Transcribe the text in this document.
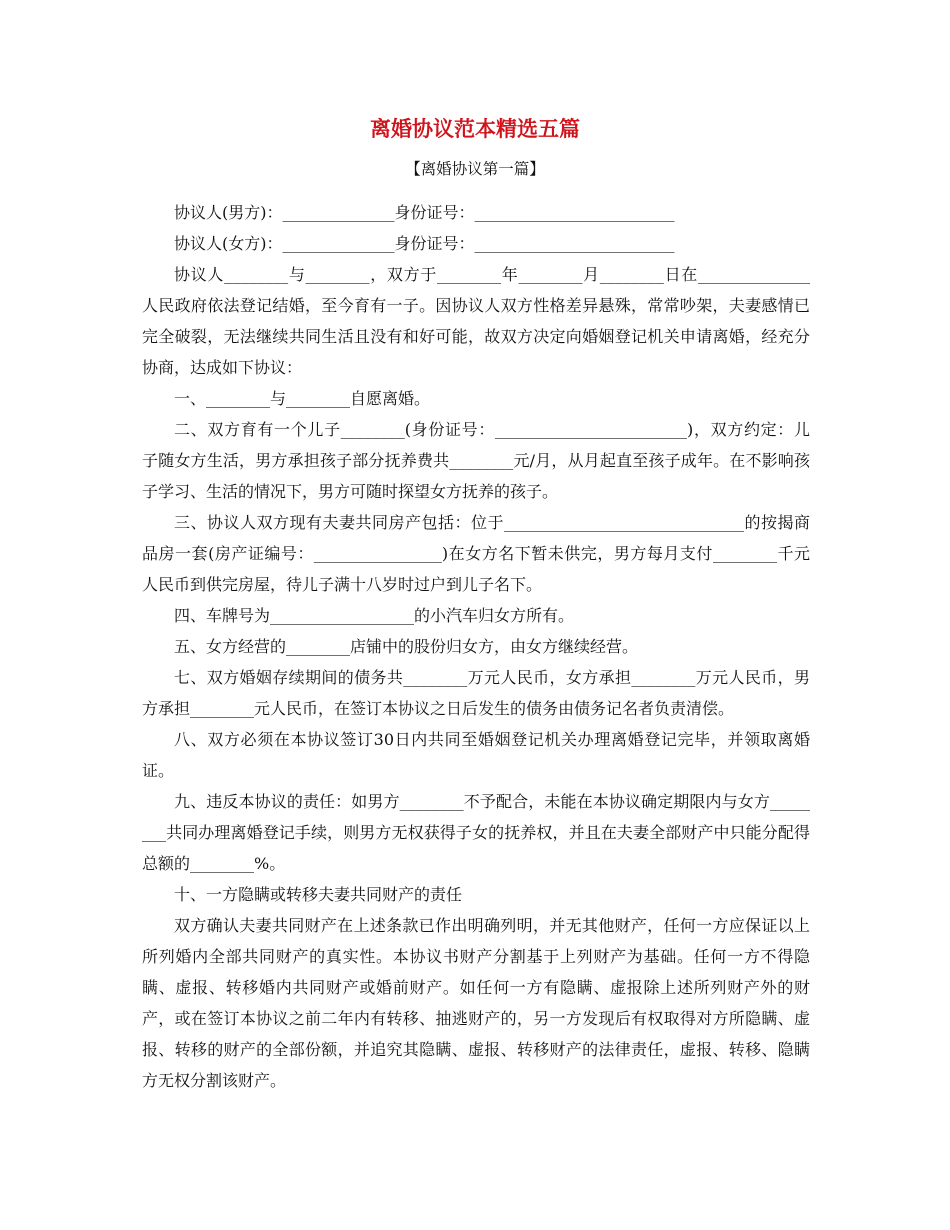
离婚协议范本精选五篇

【离婚协议第一篇】

协议人(男方)：______________身份证号：_________________________

协议人(女方)：______________身份证号：_________________________

协议人________与________，双方于________年________月________日在______________人民政府依法登记结婚，至今育有一子。因协议人双方性格差异悬殊，常常吵架，夫妻感情已完全破裂，无法继续共同生活且没有和好可能，故双方决定向婚姻登记机关申请离婚，经充分协商，达成如下协议：

一、________与________自愿离婚。

二、双方育有一个儿子________(身份证号：________________________)，双方约定：儿子随女方生活，男方承担孩子部分抚养费共________元/月，从月起直至孩子成年。在不影响孩子学习、生活的情况下，男方可随时探望女方抚养的孩子。

三、协议人双方现有夫妻共同房产包括：位于______________________________的按揭商品房一套(房产证编号：________________)在女方名下暂未供完，男方每月支付________千元人民币到供完房屋，待儿子满十八岁时过户到儿子名下。

四、车牌号为__________________的小汽车归女方所有。

五、女方经营的________店铺中的股份归女方，由女方继续经营。

七、双方婚姻存续期间的债务共________万元人民币，女方承担________万元人民币，男方承担________元人民币，在签订本协议之日后发生的债务由债务记名者负责清偿。

八、双方必须在本协议签订30日内共同至婚姻登记机关办理离婚登记完毕，并领取离婚证。

九、违反本协议的责任：如男方________不予配合，未能在本协议确定期限内与女方________共同办理离婚登记手续，则男方无权获得子女的抚养权，并且在夫妻全部财产中只能分配得总额的________%。

十、一方隐瞒或转移夫妻共同财产的责任

双方确认夫妻共同财产在上述条款已作出明确列明，并无其他财产，任何一方应保证以上所列婚内全部共同财产的真实性。本协议书财产分割基于上列财产为基础。任何一方不得隐瞒、虚报、转移婚内共同财产或婚前财产。如任何一方有隐瞒、虚报除上述所列财产外的财产，或在签订本协议之前二年内有转移、抽逃财产的，另一方发现后有权取得对方所隐瞒、虚报、转移的财产的全部份额，并追究其隐瞒、虚报、转移财产的法律责任，虚报、转移、隐瞒方无权分割该财产。
